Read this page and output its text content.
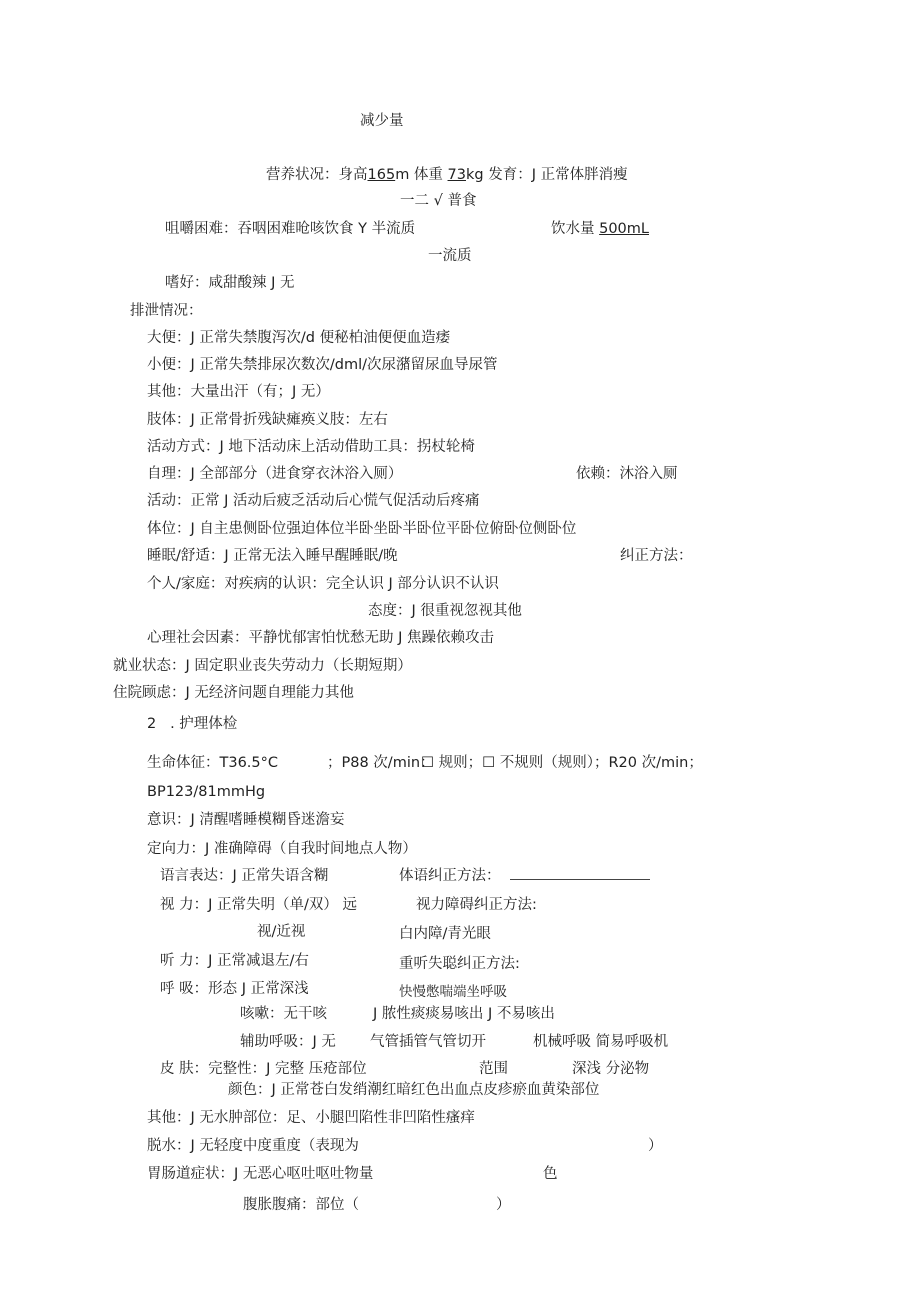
减少量
营养状况：身高165m 体重 73kg 发育：J 正常体胖消瘦
一二 √ 普食
咀嚼困难：吞咽困难呛咳饮食 Y 半流质	饮水量 500mL
一流质
嗜好：咸甜酸辣 J 无
排泄情况：
大便：J 正常失禁腹泻次/d 便秘柏油便便血造痿
小便：J 正常失禁排尿次数次/dml/次尿潴留尿血导尿管
其他：大量出汗（有；J 无）
肢体：J 正常骨折残缺瘫痪义肢：左右
活动方式：J 地下活动床上活动借助工具：拐杖轮椅
自理：J 全部部分（进食穿衣沐浴入厕）	依赖：沐浴入厕
活动：正常 J 活动后疲乏活动后心慌气促活动后疼痛
体位：J 自主患侧卧位强迫体位半卧坐卧半卧位平卧位俯卧位侧卧位
睡眠/舒适：J 正常无法入睡早醒睡眠/晚	纠正方法：
个人/家庭：对疾病的认识：完全认识 J 部分认识不认识
态度：J 很重视忽视其他
心理社会因素：平静忧郁害怕忧愁无助 J 焦躁依赖攻击
就业状态：J 固定职业丧失劳动力（长期短期）
住院顾虑：J 无经济问题自理能力其他
2 . 护理体检
生命体征：T36.5°C	；P88 次/min：
☐ 规则；☐ 不规则（规则）；R20 次/min；
BP123/81mmHg
意识：J 清醒嗜睡模糊昏迷澹妄
定向力：J 准确障碍（自我时间地点人物）
语言表达：J 正常失语含糊	体语纠正方法：
视 力：J 正常失明（单/双） 远	视力障碍纠正方法:
视/近视	白内障/青光眼
听 力：J 正常减退左/右	重听失聪纠正方法:
呼 吸：形态 J 正常深浅	快慢憋喘端坐呼吸
咳嗽：无干咳	J 脓性痰痰易咳出 J 不易咳出
辅助呼吸：J 无 气管插管气管切开	机械呼吸 简易呼吸机
皮 肤：完整性：J 完整 压疮部位	范围	深浅 分泌物
颜色：J 正常苍白发绡潮红暗红色出血点皮疹瘀血黄染部位
其他：J 无水肿部位：足、小腿凹陷性非凹陷性瘙痒
脱水：J 无轻度中度重度（表现为	）
胃肠道症状：J 无恶心呕吐呕吐物量	色
腹胀腹痛：部位（	）
